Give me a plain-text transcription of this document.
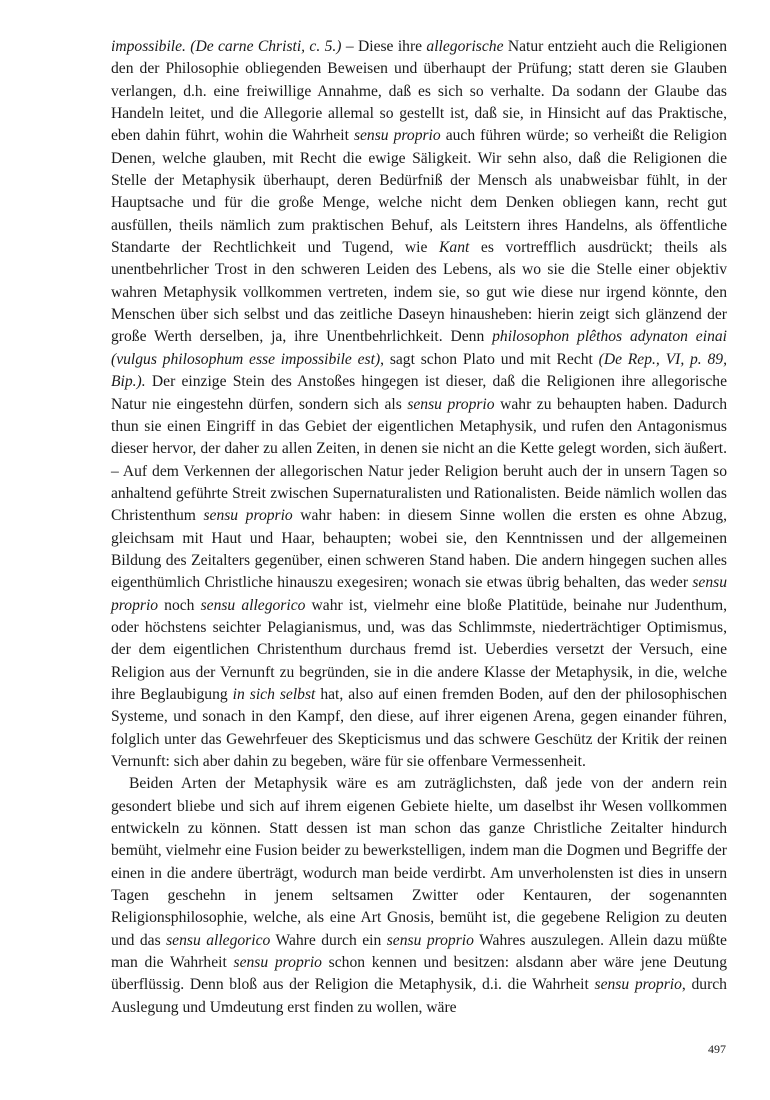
impossibile. (De carne Christi, c. 5.) – Diese ihre allegorische Natur entzieht auch die Religionen den der Philosophie obliegenden Beweisen und überhaupt der Prüfung; statt deren sie Glauben verlangen, d.h. eine freiwillige Annahme, daß es sich so verhalte. Da sodann der Glaube das Handeln leitet, und die Allegorie allemal so gestellt ist, daß sie, in Hinsicht auf das Praktische, eben dahin führt, wohin die Wahrheit sensu proprio auch führen würde; so verheißt die Religion Denen, welche glauben, mit Recht die ewige Säligkeit. Wir sehn also, daß die Religionen die Stelle der Metaphysik überhaupt, deren Bedürfniß der Mensch als unabweisbar fühlt, in der Hauptsache und für die große Menge, welche nicht dem Denken obliegen kann, recht gut ausfüllen, theils nämlich zum praktischen Behuf, als Leitstern ihres Handelns, als öffentliche Standarte der Rechtlichkeit und Tugend, wie Kant es vortrefflich ausdrückt; theils als unentbehrlicher Trost in den schweren Leiden des Lebens, als wo sie die Stelle einer objektiv wahren Metaphysik vollkommen vertreten, indem sie, so gut wie diese nur irgend könnte, den Menschen über sich selbst und das zeitliche Daseyn hinausheben: hierin zeigt sich glänzend der große Werth derselben, ja, ihre Unentbehrlichkeit. Denn philosophon plêthos adynaton einai (vulgus philosophum esse impossibile est), sagt schon Plato und mit Recht (De Rep., VI, p. 89, Bip.). Der einzige Stein des Anstoßes hingegen ist dieser, daß die Religionen ihre allegorische Natur nie eingestehn dürfen, sondern sich als sensu proprio wahr zu behaupten haben. Dadurch thun sie einen Eingriff in das Gebiet der eigentlichen Metaphysik, und rufen den Antagonismus dieser hervor, der daher zu allen Zeiten, in denen sie nicht an die Kette gelegt worden, sich äußert. – Auf dem Verkennen der allegorischen Natur jeder Religion beruht auch der in unsern Tagen so anhaltend geführte Streit zwischen Supernaturalisten und Rationalisten. Beide nämlich wollen das Christenthum sensu proprio wahr haben: in diesem Sinne wollen die ersten es ohne Abzug, gleichsam mit Haut und Haar, behaupten; wobei sie, den Kenntnissen und der allgemeinen Bildung des Zeitalters gegenüber, einen schweren Stand haben. Die andern hingegen suchen alles eigenthümlich Christliche hinauszu exegesiren; wonach sie etwas übrig behalten, das weder sensu proprio noch sensu allegorico wahr ist, vielmehr eine bloße Platitüde, beinahe nur Judenthum, oder höchstens seichter Pelagianismus, und, was das Schlimmste, niederträchtiger Optimismus, der dem eigentlichen Christenthum durchaus fremd ist. Ueberdies versetzt der Versuch, eine Religion aus der Vernunft zu begründen, sie in die andere Klasse der Metaphysik, in die, welche ihre Beglaubigung in sich selbst hat, also auf einen fremden Boden, auf den der philosophischen Systeme, und sonach in den Kampf, den diese, auf ihrer eigenen Arena, gegen einander führen, folglich unter das Gewehrfeuer des Skepticismus und das schwere Geschütz der Kritik der reinen Vernunft: sich aber dahin zu begeben, wäre für sie offenbare Vermessenheit.

Beiden Arten der Metaphysik wäre es am zuträglichsten, daß jede von der andern rein gesondert bliebe und sich auf ihrem eigenen Gebiete hielte, um daselbst ihr Wesen vollkommen entwickeln zu können. Statt dessen ist man schon das ganze Christliche Zeitalter hindurch bemüht, vielmehr eine Fusion beider zu bewerkstelligen, indem man die Dogmen und Begriffe der einen in die andere überträgt, wodurch man beide verdirbt. Am unverholensten ist dies in unsern Tagen geschehn in jenem seltsamen Zwitter oder Kentauren, der sogenannten Religionsphilosophie, welche, als eine Art Gnosis, bemüht ist, die gegebene Religion zu deuten und das sensu allegorico Wahre durch ein sensu proprio Wahres auszulegen. Allein dazu müßte man die Wahrheit sensu proprio schon kennen und besitzen: alsdann aber wäre jene Deutung überflüssig. Denn bloß aus der Religion die Metaphysik, d.i. die Wahrheit sensu proprio, durch Auslegung und Umdeutung erst finden zu wollen, wäre

497
